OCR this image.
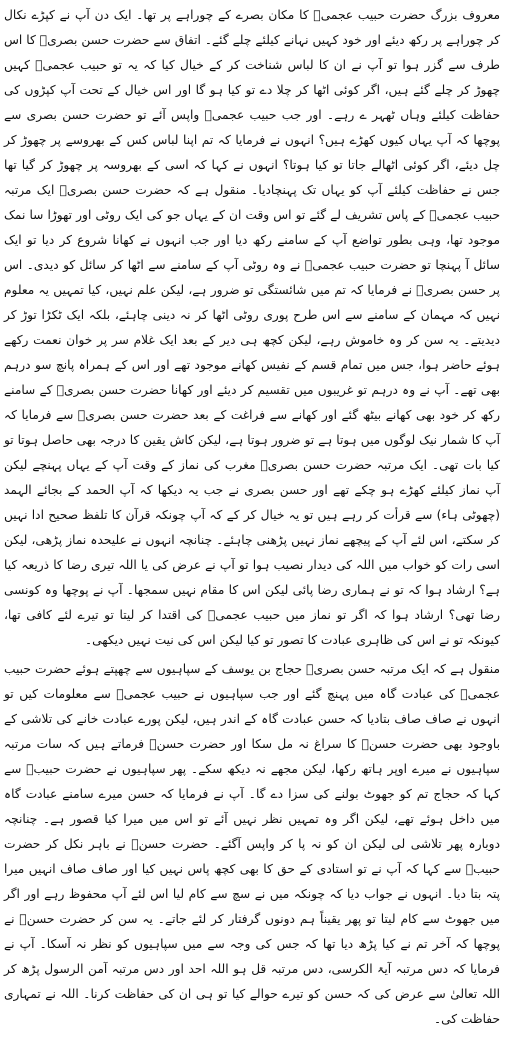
معروف بزرگ حضرت حبیب عجمیؒ کا مکان بصرے کے چوراہے پر تھا۔ ایک دن آپ نے کپڑے نکال کر چوراہے پر رکھ دیئے اور خود کہیں نہانے کیلئے چلے گئے۔ اتفاق سے حضرت حسن بصریؒ کا اس طرف سے گزر ہوا تو آپ نے ان کا لباس شناخت کر کے خیال کیا کہ یہ تو حبیب عجمیؒ کہیں چھوڑ کر چلے گئے ہیں، اگر کوئی اٹھا کر چلا دے تو کیا ہو گا اور اس خیال کے تحت آپ کپڑوں کی حفاظت کیلئے وہاں ٹھہر ے رہے۔ اور جب حبیب عجمیؒ واپس آئے تو حضرت حسن بصری سے پوچھا کہ آپ یہاں کیوں کھڑے ہیں؟ انہوں نے فرمایا کہ تم اپنا لباس کس کے بھروسے پر چھوڑ کر چل دیئے، اگر کوئی اٹھالے جاتا تو کیا ہوتا؟ انہوں نے کہا کہ اسی کے بھروسہ پر چھوڑ کر گیا تھا جس نے حفاظت کیلئے آپ کو یہاں تک پہنچادیا۔ منقول ہے کہ حضرت حسن بصریؒ ایک مرتبہ حبیب عجمیؒ کے پاس تشریف لے گئے تو اس وقت ان کے یہاں جو کی ایک روٹی اور تھوڑا سا نمک موجود تھا، وہی بطور تواضع آپ کے سامنے رکھ دیا اور جب انہوں نے کھانا شروع کر دیا تو ایک سائل آ پہنچا تو حضرت حبیب عجمیؒ نے وہ روٹی آپ کے سامنے سے اٹھا کر سائل کو دیدی۔ اس پر حسن بصریؒ نے فرمایا کہ تم میں شائستگی تو ضرور ہے، لیکن علم نہیں، کیا تمہیں یہ معلوم نہیں کہ مہمان کے سامنے سے اس طرح پوری روٹی اٹھا کر نہ دینی چاہئے، بلکہ ایک ٹکڑا توڑ کر دیدیتے۔ یہ سن کر وہ خاموش رہے، لیکن کچھ ہی دیر کے بعد ایک غلام سر پر خوان نعمت رکھے ہوئے حاضر ہوا، جس میں تمام قسم کے نفیس کھانے موجود تھے اور اس کے ہمراہ پانچ سو درہم بھی تھے۔ آپ نے وہ درہم تو غریبوں میں تقسیم کر دیئے اور کھانا حضرت حسن بصریؒ کے سامنے رکھ کر خود بھی کھانے بیٹھ گئے اور کھانے سے فراغت کے بعد حضرت حسن بصریؒ سے فرمایا کہ آپ کا شمار نیک لوگوں میں ہوتا ہے تو ضرور ہوتا ہے، لیکن کاش یقین کا درجہ بھی حاصل ہوتا تو کیا بات تھی۔ ایک مرتبہ حضرت حسن بصریؒ مغرب کی نماز کے وقت آپ کے یہاں پہنچے لیکن آپ نماز کیلئے کھڑے ہو چکے تھے اور حسن بصری نے جب یہ دیکھا کہ آپ الحمد کے بجائے الہمد (چھوٹی ہاء) سے قرأت کر رہے ہیں تو یہ خیال کر کے کہ آپ چونکہ قرآن کا تلفظ صحیح ادا نہیں کر سکتے، اس لئے آپ کے پیچھے نماز نہیں پڑھنی چاہئے۔ چنانچہ انہوں نے علیحدہ نماز پڑھی، لیکن اسی رات کو خواب میں اللہ کی دیدار نصیب ہوا تو آپ نے عرض کی یا اللہ تیری رضا کا ذریعہ کیا ہے؟ ارشاد ہوا کہ تو نے ہماری رضا پائی لیکن اس کا مقام نہیں سمجھا۔ آپ نے پوچھا وہ کونسی رضا تھی؟ ارشاد ہوا کہ اگر تو نماز میں حبیب عجمیؒ کی اقتدا کر لیتا تو تیرے لئے کافی تھا، کیونکہ تو نے اس کی ظاہری عبادت کا تصور تو کیا لیکن اس کی نیت نہیں دیکھی۔

منقول ہے کہ ایک مرتبہ حسن بصریؒ حجاج بن یوسف کے سپاہیوں سے چھپتے ہوئے حضرت حبیب عجمیؒ کی عبادت گاہ میں پہنچ گئے اور جب سپاہیوں نے حبیب عجمیؒ سے معلومات کیں تو انہوں نے صاف صاف بتادیا کہ حسن عبادت گاہ کے اندر ہیں، لیکن پورے عبادت خانے کی تلاشی کے باوجود بھی حضرت حسنؒ کا سراغ نہ مل سکا اور حضرت حسنؒ فرماتے ہیں کہ سات مرتبہ سپاہیوں نے میرے اوپر ہاتھ رکھا، لیکن مجھے نہ دیکھ سکے۔ پھر سپاہیوں نے حضرت حبیبؒ سے کہا کہ حجاج تم کو جھوٹ بولنے کی سزا دے گا۔ آپ نے فرمایا کہ حسن میرے سامنے عبادت گاہ میں داخل ہوئے تھے، لیکن اگر وہ تمہیں نظر نہیں آئے تو اس میں میرا کیا قصور ہے۔ چنانچہ دوبارہ پھر تلاشی لی لیکن ان کو نہ پا کر واپس آگئے۔ حضرت حسنؒ نے باہر نکل کر حضرت حبیبؒ سے کہا کہ آپ نے تو استادی کے حق کا بھی کچھ پاس نہیں کیا اور صاف صاف انہیں میرا پتہ بتا دیا۔ انہوں نے جواب دیا کہ چونکہ میں نے سچ سے کام لیا اس لئے آپ محفوظ رہے اور اگر میں جھوٹ سے کام لیتا تو پھر یقیناً ہم دونوں گرفتار کر لئے جاتے۔ یہ سن کر حضرت حسنؒ نے پوچھا کہ آخر تم نے کیا پڑھ دیا تھا کہ جس کی وجہ سے میں سپاہیوں کو نظر نہ آسکا۔ آپ نے فرمایا کہ دس مرتبہ آیۃ الکرسی، دس مرتبہ قل ہو اللہ احد اور دس مرتبہ آمن الرسول پڑھ کر اللہ تعالیٰ سے عرض کی کہ حسن کو تیرے حوالے کیا تو ہی ان کی حفاظت کرنا۔ اللہ نے تمہاری حفاظت کی۔
